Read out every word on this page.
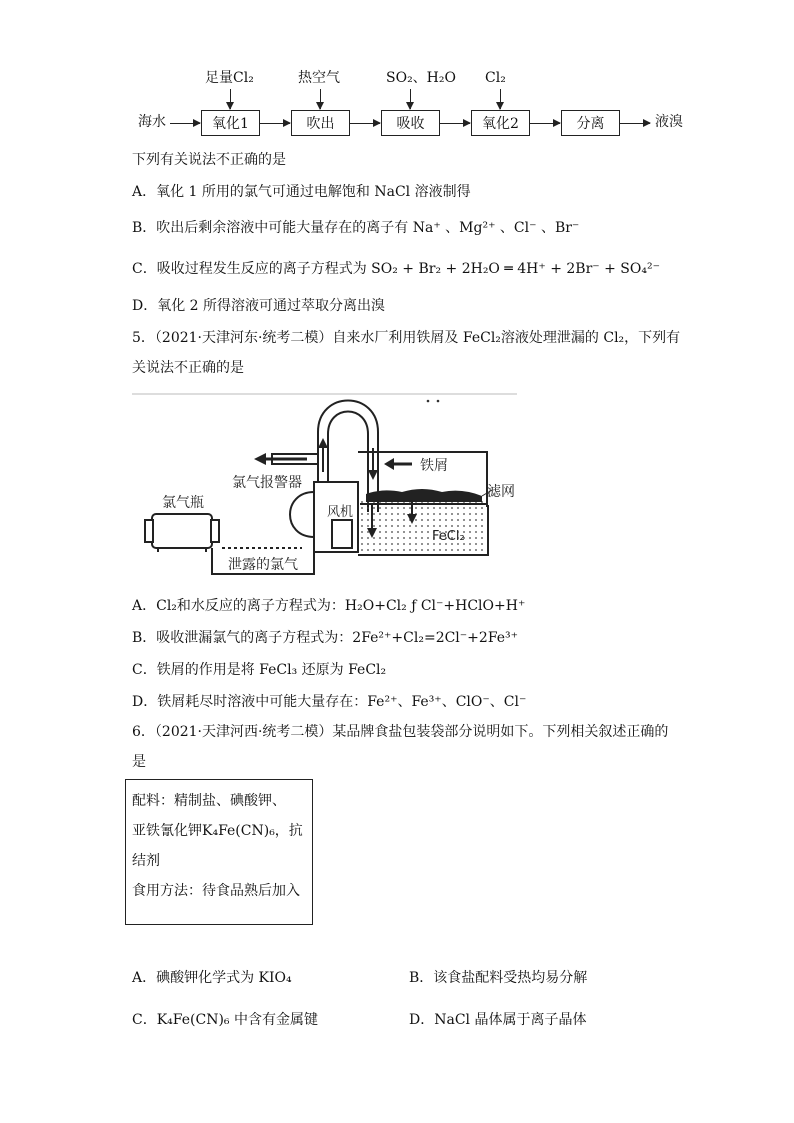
海水	氧化1
足量Cl₂
吹出
热空气
吸收
SO₂、H₂O
氧化2
Cl₂
分离	液溴
下列有关说法不正确的是
A．氧化 1 所用的氯气可通过电解饱和 NaCl 溶液制得
B．吹出后剩余溶液中可能大量存在的离子有 Na⁺ 、Mg²⁺ 、Cl⁻ 、Br⁻
C．吸收过程发生反应的离子方程式为 SO₂ + Br₂ + 2H₂O ═ 4H⁺ + 2Br⁻ + SO₄²⁻
D．氧化 2 所得溶液可通过萃取分离出溴
5．（2021·天津河东·统考二模）自来水厂利用铁屑及 FeCl₂溶液处理泄漏的 Cl₂，下列有
关说法不正确的是
氯气瓶
泄露的氯气
风机
氯气报警器
铁屑
滤网
FeCl₂
A．Cl₂和水反应的离子方程式为：H₂O+Cl₂ ƒ Cl⁻+HClO+H⁺
B．吸收泄漏氯气的离子方程式为：2Fe²⁺+Cl₂=2Cl⁻+2Fe³⁺
C．铁屑的作用是将 FeCl₃ 还原为 FeCl₂
D．铁屑耗尽时溶液中可能大量存在：Fe²⁺、Fe³⁺、ClO⁻、Cl⁻
6．（2021·天津河西·统考二模）某品牌食盐包装袋部分说明如下。下列相关叙述正确的
是
配料：精制盐、碘酸钾、
亚铁氰化钾K₄Fe(CN)₆，抗
结剂
食用方法：待食品熟后加入
A．碘酸钾化学式为 KIO₄	B．该食盐配料受热均易分解
C．K₄Fe(CN)₆ 中含有金属键	D．NaCl 晶体属于离子晶体
